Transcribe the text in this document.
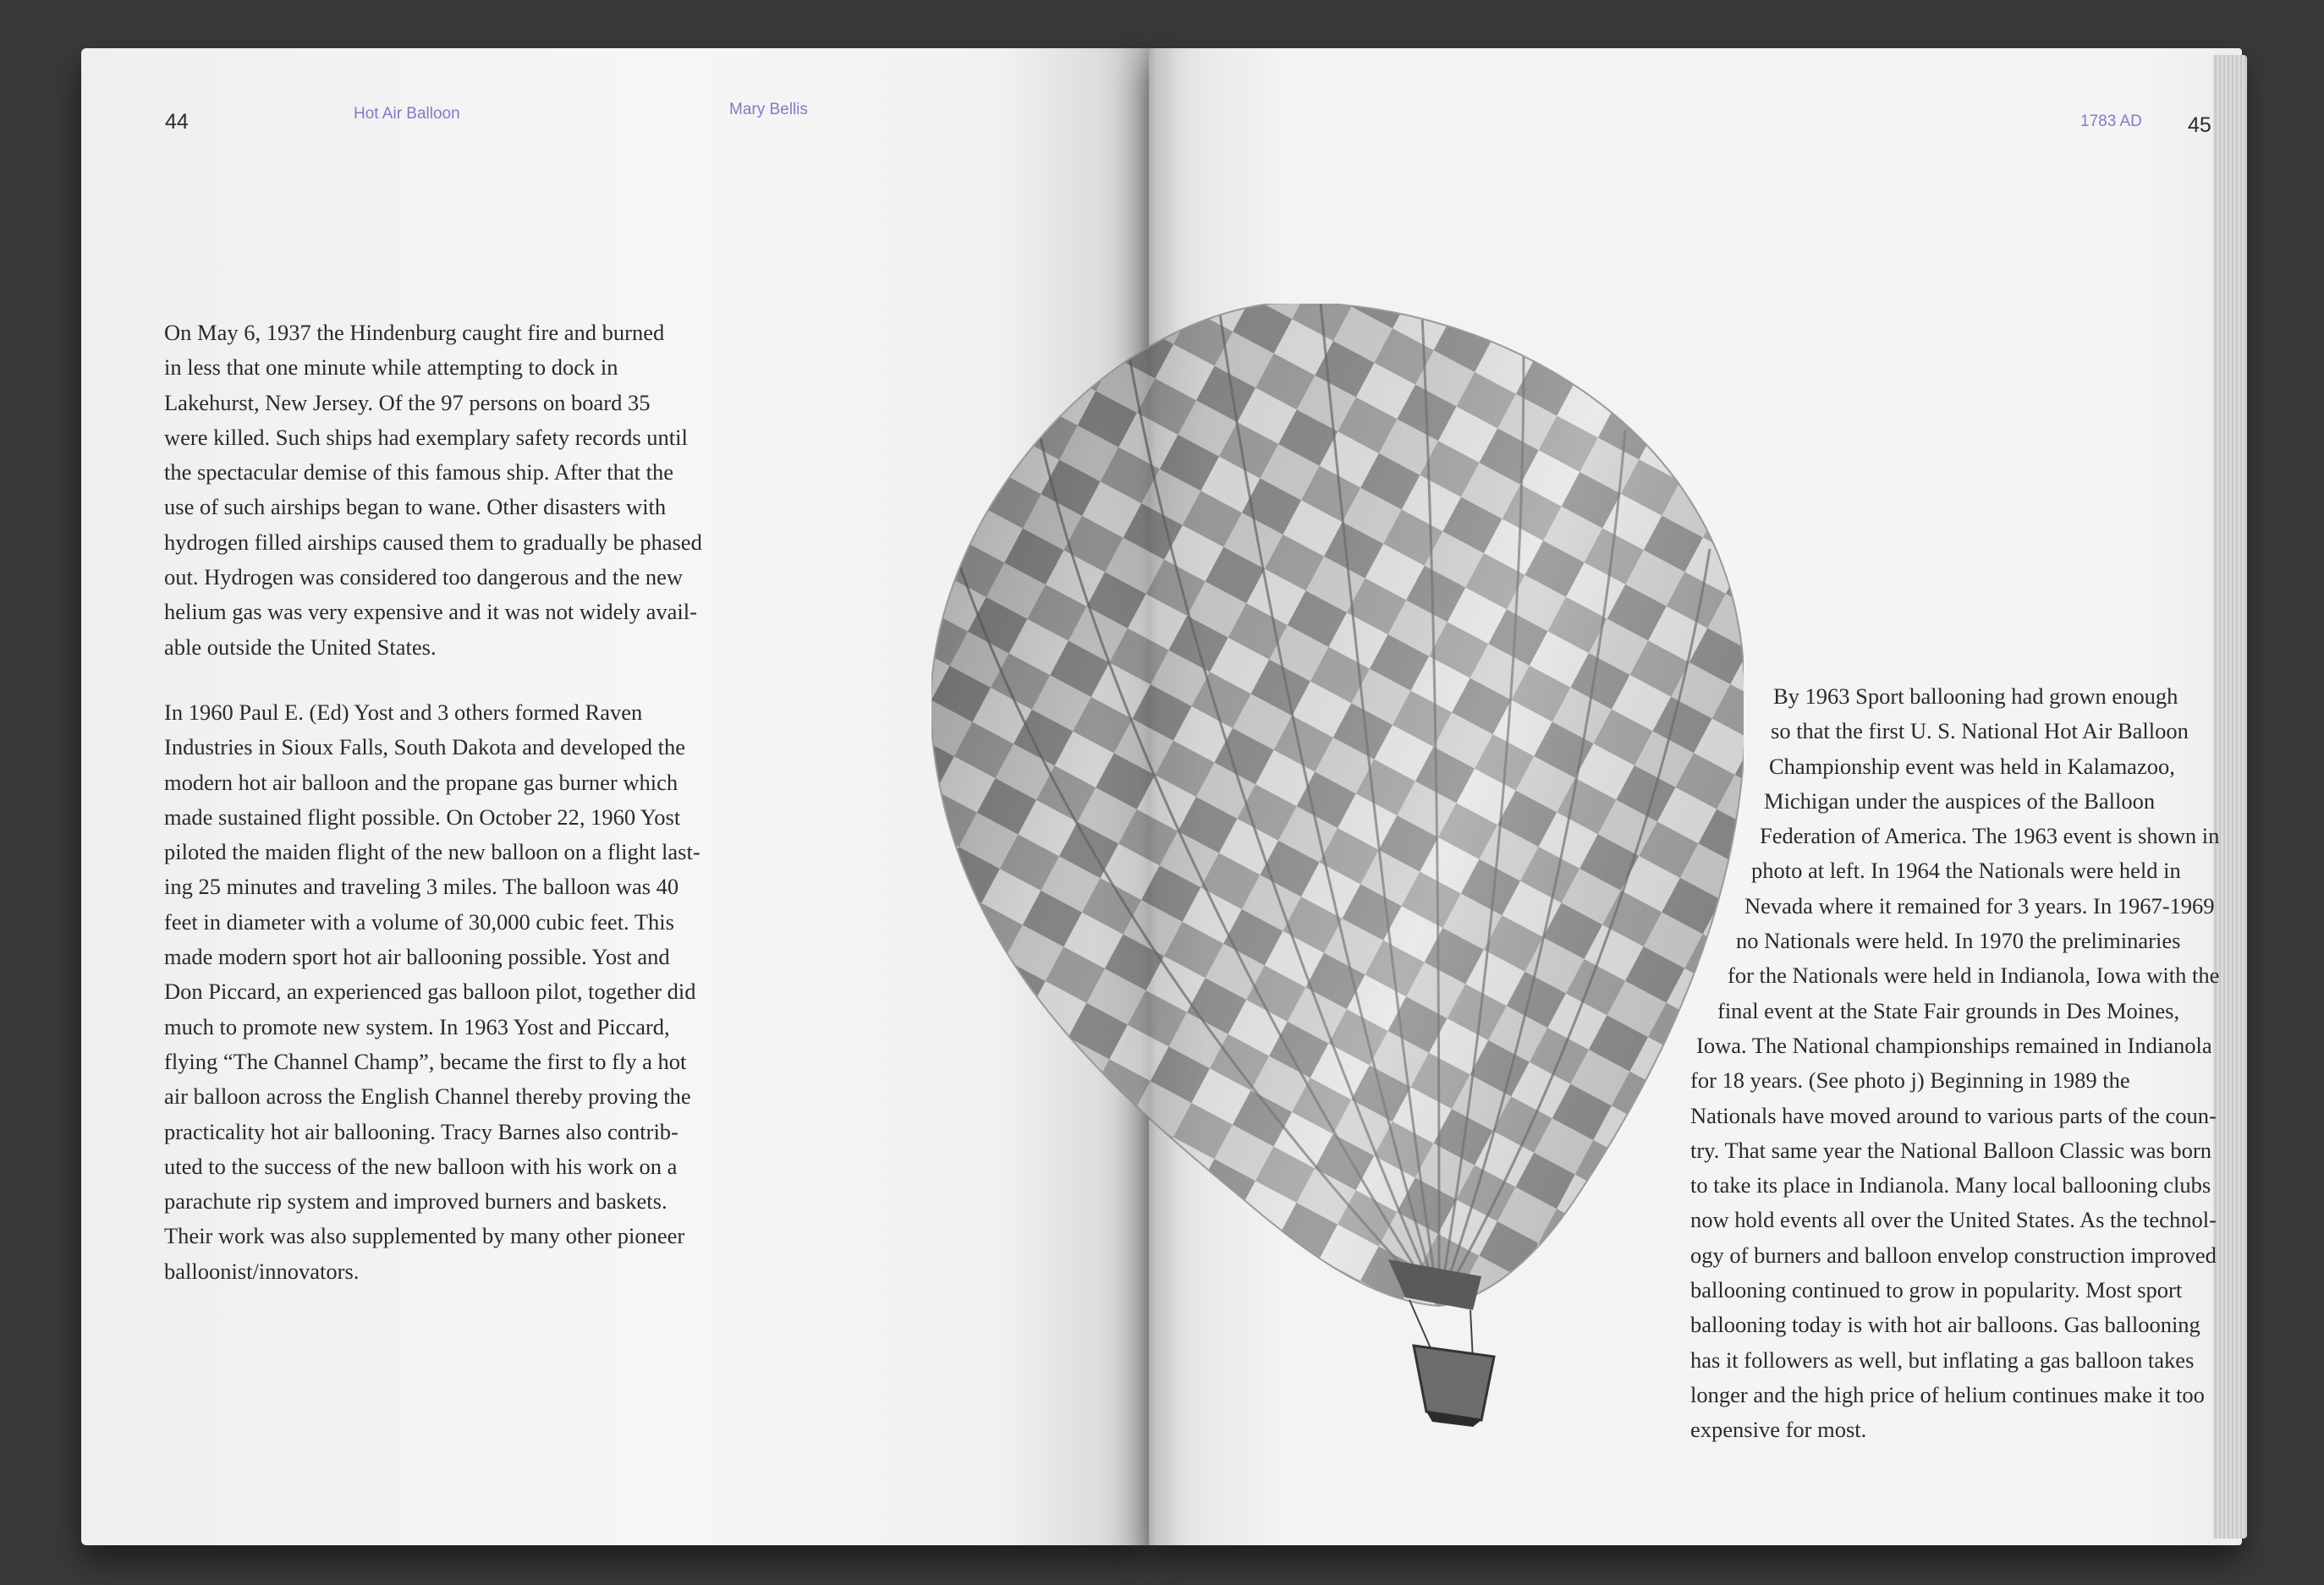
44	Hot Air Balloon	Mary Bellis
On May 6, 1937 the Hindenburg caught fire and burned
in less that one minute while attempting to dock in
Lakehurst, New Jersey. Of the 97 persons on board 35
were killed. Such ships had exemplary safety records until
the spectacular demise of this famous ship. After that the
use of such airships began to wane. Other disasters with
hydrogen filled airships caused them to gradually be phased
out. Hydrogen was considered too dangerous and the new
helium gas was very expensive and it was not widely avail-
able outside the United States.
In 1960 Paul E. (Ed) Yost and 3 others formed Raven
Industries in Sioux Falls, South Dakota and developed the
modern hot air balloon and the propane gas burner which
made sustained flight possible. On October 22, 1960 Yost
piloted the maiden flight of the new balloon on a flight last-
ing 25 minutes and traveling 3 miles. The balloon was 40
feet in diameter with a volume of 30,000 cubic feet. This
made modern sport hot air ballooning possible. Yost and
Don Piccard, an experienced gas balloon pilot, together did
much to promote new system. In 1963 Yost and Piccard,
flying “The Channel Champ”, became the first to fly a hot
air balloon across the English Channel thereby proving the
practicality hot air ballooning. Tracy Barnes also contrib-
uted to the success of the new balloon with his work on a
parachute rip system and improved burners and baskets.
Their work was also supplemented by many other pioneer
balloonist/innovators.
1783 AD 45
By 1963 Sport ballooning had grown enough
so that the first U. S. National Hot Air Balloon
Championship event was held in Kalamazoo,
Michigan under the auspices of the Balloon
Federation of America. The 1963 event is shown in
photo at left. In 1964 the Nationals were held in
Nevada where it remained for 3 years. In 1967-1969
no Nationals were held. In 1970 the preliminaries
for the Nationals were held in Indianola, Iowa with the
final event at the State Fair grounds in Des Moines,
Iowa. The National championships remained in Indianola
for 18 years. (See photo j) Beginning in 1989 the
Nationals have moved around to various parts of the coun-
try. That same year the National Balloon Classic was born
to take its place in Indianola. Many local ballooning clubs
now hold events all over the United States. As the technol-
ogy of burners and balloon envelop construction improved
ballooning continued to grow in popularity. Most sport
ballooning today is with hot air balloons. Gas ballooning
has it followers as well, but inflating a gas balloon takes
longer and the high price of helium continues make it too
expensive for most.
